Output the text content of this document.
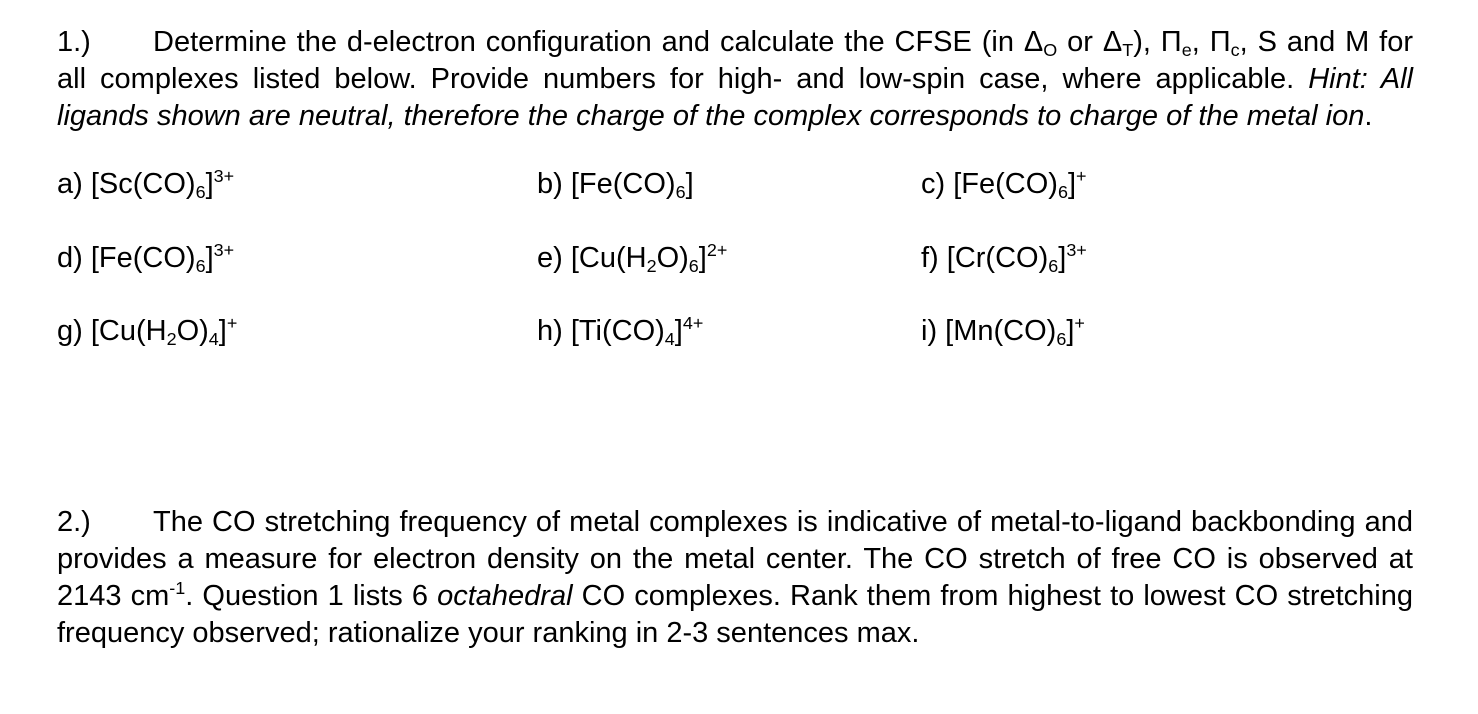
1.) Determine the d-electron configuration and calculate the CFSE (in $\Delta_O$ or $\Delta_T$), $\Pi_e$, $\Pi_c$, S and M for all complexes listed below. Provide numbers for high- and low-spin case, where applicable. Hint: All ligands shown are neutral, therefore the charge of the complex corresponds to charge of the metal ion.

a) $[Sc(CO)_6]^{3+}$	b) $[Fe(CO)_6]$	c) $[Fe(CO)_6]^+$
d) $[Fe(CO)_6]^{3+}$	e) $[Cu(H_2O)_6]^{2+}$	f) $[Cr(CO)_6]^{3+}$
g) $[Cu(H_2O)_4]^+$	h) $[Ti(CO)_4]^{4+}$	i) $[Mn(CO)_6]^+$

2.) The CO stretching frequency of metal complexes is indicative of metal-to-ligand backbonding and provides a measure for electron density on the metal center. The CO stretch of free CO is observed at 2143 $cm^{-1}$. Question 1 lists 6 octahedral CO complexes. Rank them from highest to lowest CO stretching frequency observed; rationalize your ranking in 2-3 sentences max.
